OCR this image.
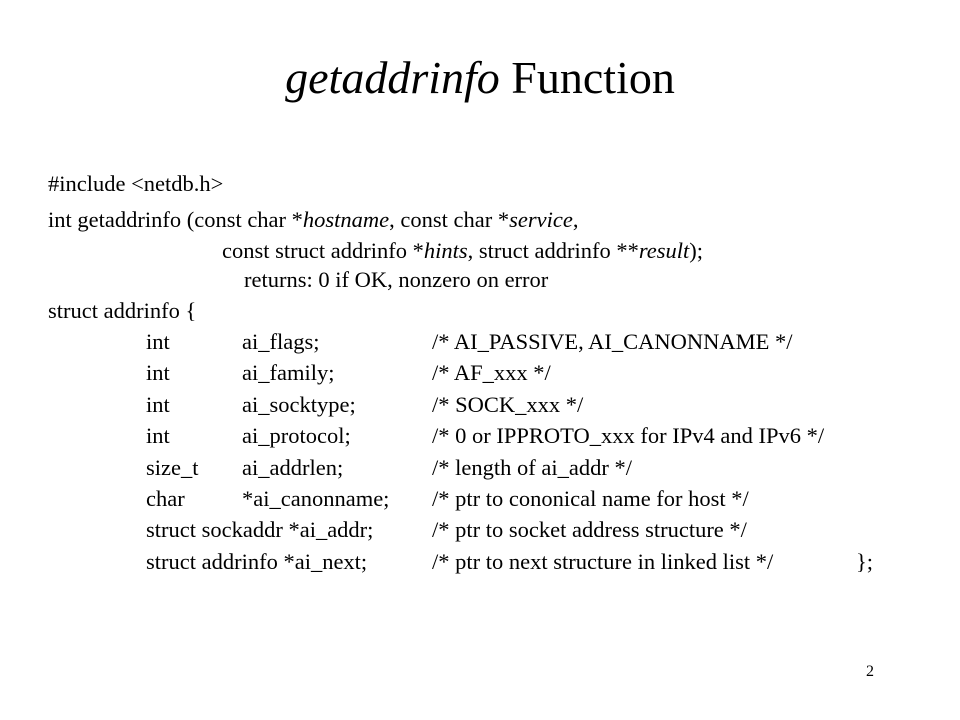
getaddrinfo Function
#include <netdb.h>
int getaddrinfo (const char *hostname, const char *service,
const struct addrinfo *hints, struct addrinfo **result);
returns: 0 if OK, nonzero on error
struct addrinfo {
int	ai_flags;	/* AI_PASSIVE, AI_CANONNAME */
int	ai_family;	/* AF_xxx */
int	ai_socktype;	/* SOCK_xxx */
int	ai_protocol;	/* 0 or IPPROTO_xxx for IPv4 and IPv6 */
size_t ai_addrlen;	/* length of ai_addr */
char	*ai_canonname; /* ptr to cononical name for host */
struct sockaddr *ai_addr;	/* ptr to socket address structure */
struct addrinfo *ai_next;	/* ptr to next structure in linked list */	};
2
